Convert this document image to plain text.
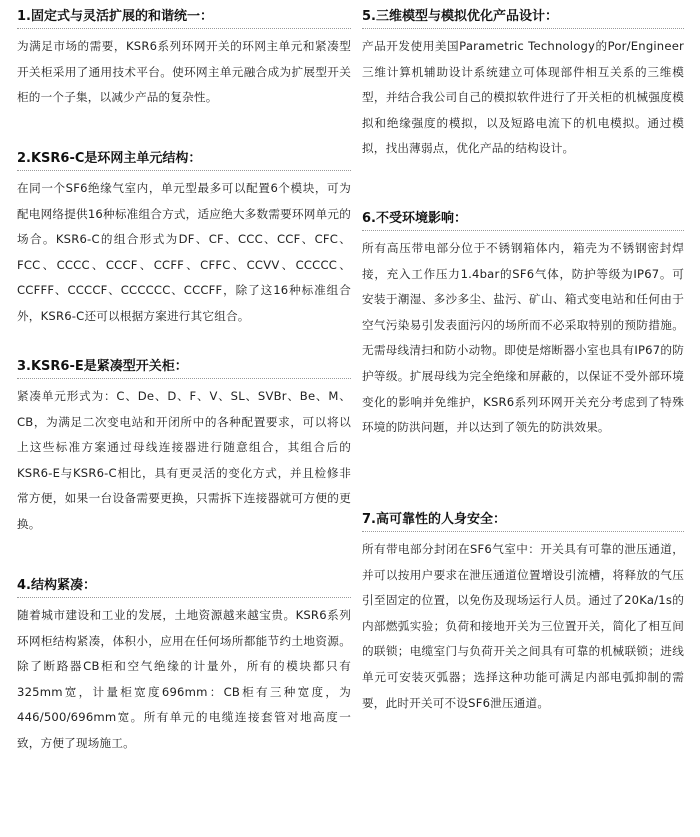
1.固定式与灵活扩展的和谐统一：

为满足市场的需要，KSR6系列环网开关的环网主单元和紧凑型开关柜采用了通用技术平台。使环网主单元融合成为扩展型开关柜的一个子集，以减少产品的复杂性。

2.KSR6-C是环网主单元结构：

在同一个SF6绝缘气室内，单元型最多可以配置6个模块，可为配电网络提供16种标准组合方式，适应绝大多数需要环网单元的场合。KSR6-C的组合形式为DF、CF、CCC、CCF、CFC、FCC、CCCC、CCCF、CCFF、CFFC、CCVV、CCCCC、CCFFF、CCCCF、CCCCCC、CCCFF，除了这16种标准组合外，KSR6-C还可以根据方案进行其它组合。

3.KSR6-E是紧凑型开关柜：

紧凑单元形式为：C、De、D、F、V、SL、SVBr、Be、M、CB，为满足二次变电站和开闭所中的各种配置要求，可以将以上这些标准方案通过母线连接器进行随意组合，其组合后的KSR6-E与KSR6-C相比，具有更灵活的变化方式，并且检修非常方便，如果一台设备需要更换，只需拆下连接器就可方便的更换。

4.结构紧凑：

随着城市建设和工业的发展，土地资源越来越宝贵。KSR6系列环网柜结构紧凑，体积小，应用在任何场所都能节约土地资源。除了断路器CB柜和空气绝缘的计量外，所有的模块都只有325mm宽，计量柜宽度696mm：CB柜有三种宽度，为446/500/696mm宽。所有单元的电缆连接套管对地高度一致，方便了现场施工。

5.三维模型与模拟优化产品设计：

产品开发使用美国Parametric Technology的Por/Engineer三维计算机辅助设计系统建立可体现部件相互关系的三维模型，并结合我公司自己的模拟软件进行了开关柜的机械强度模拟和绝缘强度的模拟，以及短路电流下的机电模拟。通过模拟，找出薄弱点，优化产品的结构设计。

6.不受环境影响：

所有高压带电部分位于不锈钢箱体内，箱壳为不锈钢密封焊接，充入工作压力1.4bar的SF6气体，防护等级为IP67。可安装于潮湿、多沙多尘、盐污、矿山、箱式变电站和任何由于空气污染易引发表面污闪的场所而不必采取特别的预防措施。无需母线清扫和防小动物。即使是熔断器小室也具有IP67的防护等级。扩展母线为完全绝缘和屏蔽的，以保证不受外部环境变化的影响并免维护，KSR6系列环网开关充分考虑到了特殊环境的防洪问题，并以达到了领先的防洪效果。

7.高可靠性的人身安全：

所有带电部分封闭在SF6气室中：开关具有可靠的泄压通道，并可以按用户要求在泄压通道位置增设引流槽，将释放的气压引至固定的位置，以免伤及现场运行人员。通过了20Ka/1s的内部燃弧实验；负荷和接地开关为三位置开关，简化了相互间的联锁；电缆室门与负荷开关之间具有可靠的机械联锁；进线单元可安装灭弧器；选择这种功能可满足内部电弧抑制的需要，此时开关可不设SF6泄压通道。
